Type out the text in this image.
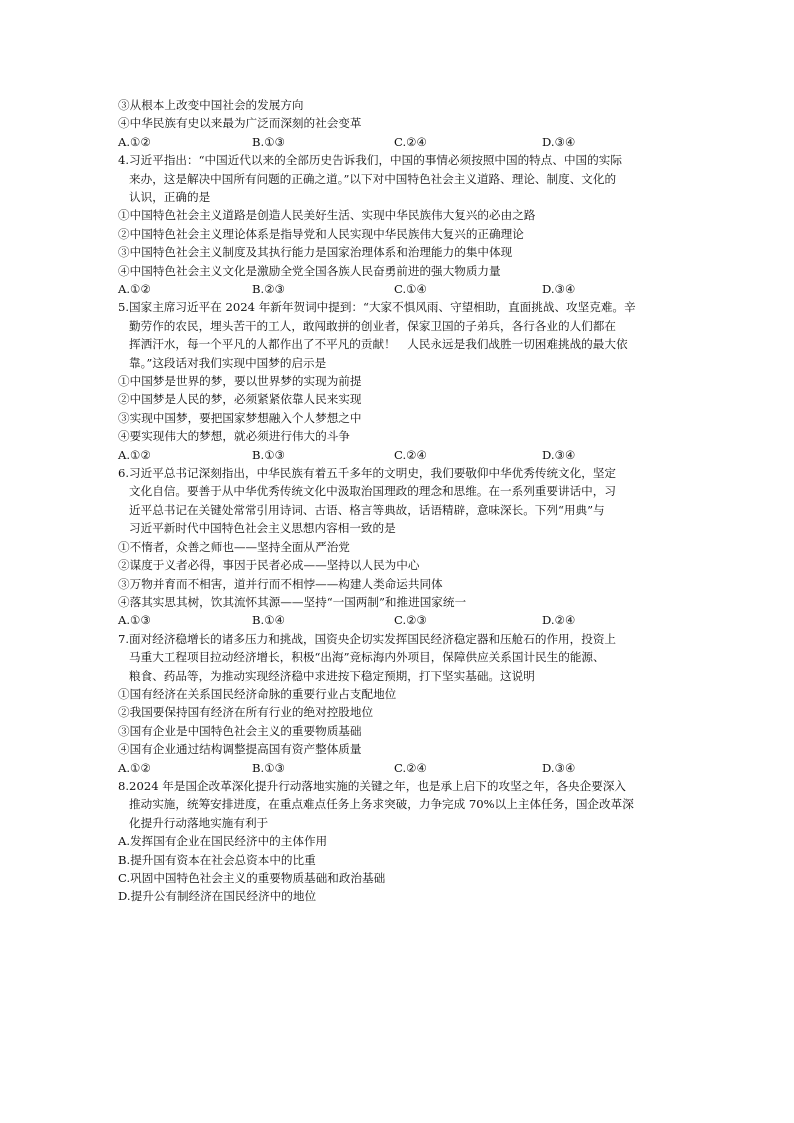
③从根本上改变中国社会的发展方向
④中华民族有史以来最为广泛而深刻的社会变革
A.①②	B.①③	C.②④	D.③④
4.习近平指出：“中国近代以来的全部历史告诉我们，中国的事情必须按照中国的特点、中国的实际
来办，这是解决中国所有问题的正确之道。”以下对中国特色社会主义道路、理论、制度、文化的
认识，正确的是
①中国特色社会主义道路是创造人民美好生活、实现中华民族伟大复兴的必由之路
②中国特色社会主义理论体系是指导党和人民实现中华民族伟大复兴的正确理论
③中国特色社会主义制度及其执行能力是国家治理体系和治理能力的集中体现
④中国特色社会主义文化是激励全党全国各族人民奋勇前进的强大物质力量
A.①②	B.②③	C.①④	D.③④
5.国家主席习近平在 2024 年新年贺词中提到：“大家不惧风雨、守望相助，直面挑战、攻坚克难。辛
勤劳作的农民，埋头苦干的工人，敢闯敢拼的创业者，保家卫国的子弟兵，各行各业的人们都在
挥洒汗水，每一个平凡的人都作出了不平凡的贡献！　人民永远是我们战胜一切困难挑战的最大依
靠。”这段话对我们实现中国梦的启示是
①中国梦是世界的梦，要以世界梦的实现为前提
②中国梦是人民的梦，必须紧紧依靠人民来实现
③实现中国梦，要把国家梦想融入个人梦想之中
④要实现伟大的梦想，就必须进行伟大的斗争
A.①②	B.①③	C.②④	D.③④
6.习近平总书记深刻指出，中华民族有着五千多年的文明史，我们要敬仰中华优秀传统文化，坚定
文化自信。要善于从中华优秀传统文化中汲取治国理政的理念和思维。在一系列重要讲话中，习
近平总书记在关键处常常引用诗词、古语、格言等典故，话语精辟，意味深长。下列“用典”与
习近平新时代中国特色社会主义思想内容相一致的是
①不惰者，众善之师也——坚持全面从严治党
②谋度于义者必得，事因于民者必成——坚持以人民为中心
③万物并育而不相害，道并行而不相悖——构建人类命运共同体
④落其实思其树，饮其流怀其源——坚持“一国两制”和推进国家统一
A.①③	B.①④	C.②③	D.②④
7.面对经济稳增长的诸多压力和挑战，国资央企切实发挥国民经济稳定器和压舱石的作用，投资上
马重大工程项目拉动经济增长，积极“出海”竞标海内外项目，保障供应关系国计民生的能源、
粮食、药品等，为推动实现经济稳中求进按下稳定预期，打下坚实基础。这说明
①国有经济在关系国民经济命脉的重要行业占支配地位
②我国要保持国有经济在所有行业的绝对控股地位
③国有企业是中国特色社会主义的重要物质基础
④国有企业通过结构调整提高国有资产整体质量
A.①②	B.①③	C.②④	D.③④
8.2024 年是国企改革深化提升行动落地实施的关键之年，也是承上启下的攻坚之年，各央企要深入
推动实施，统筹安排进度，在重点难点任务上务求突破，力争完成 70%以上主体任务，国企改革深
化提升行动落地实施有利于
A.发挥国有企业在国民经济中的主体作用
B.提升国有资本在社会总资本中的比重
C.巩固中国特色社会主义的重要物质基础和政治基础
D.提升公有制经济在国民经济中的地位
